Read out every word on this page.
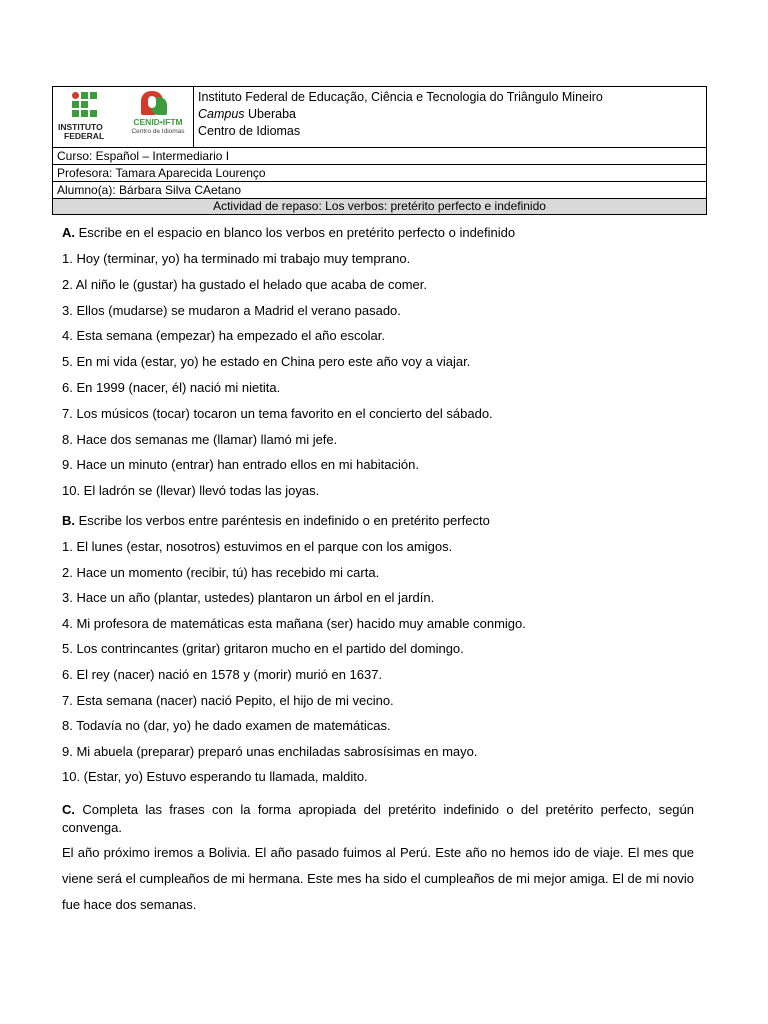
INSTITUTO
FEDERAL
CENID•IFTM
Centro de Idiomas

Instituto Federal de Educação, Ciência e Tecnologia do Triângulo Mineiro
Campus Uberaba
Centro de Idiomas

Curso: Español – Intermediario I
Profesora: Tamara Aparecida Lourenço
Alumno(a): Bárbara Silva CAetano
Actividad de repaso: Los verbos: pretérito perfecto e indefinido
A. Escribe en el espacio en blanco los verbos en pretérito perfecto o indefinido
1. Hoy (terminar, yo) ha terminado mi trabajo muy temprano.
2. Al niño le (gustar) ha gustado el helado que acaba de comer.
3. Ellos (mudarse) se mudaron a Madrid el verano pasado.
4. Esta semana (empezar) ha empezado el año escolar.
5. En mi vida (estar, yo) he estado en China pero este año voy a viajar.
6. En 1999 (nacer, él) nació mi nietita.
7. Los músicos (tocar) tocaron un tema favorito en el concierto del sábado.
8. Hace dos semanas me (llamar) llamó mi jefe.
9. Hace un minuto (entrar) han entrado ellos en mi habitación.
10. El ladrón se (llevar) llevó todas las joyas.
B. Escribe los verbos entre paréntesis en indefinido o en pretérito perfecto
1. El lunes (estar, nosotros) estuvimos en el parque con los amigos.
2. Hace un momento (recibir, tú) has recebido mi carta.
3. Hace un año (plantar, ustedes) plantaron un árbol en el jardín.
4. Mi profesora de matemáticas esta mañana (ser) hacido muy amable conmigo.
5. Los contrincantes (gritar) gritaron mucho en el partido del domingo.
6. El rey (nacer) nació en 1578 y (morir) murió en 1637.
7. Esta semana (nacer) nació Pepito, el hijo de mi vecino.
8. Todavía no (dar, yo) he dado examen de matemáticas.
9. Mi abuela (preparar) preparó unas enchiladas sabrosísimas en mayo.
10. (Estar, yo) Estuvo esperando tu llamada, maldito.
C. Completa las frases con la forma apropiada del pretérito indefinido o del pretérito perfecto, según convenga.
El año próximo iremos a Bolivia. El año pasado fuimos al Perú. Este año no hemos ido de viaje. El mes que viene será el cumpleaños de mi hermana. Este mes ha sido el cumpleaños de mi mejor amiga. El de mi novio fue hace dos semanas.
